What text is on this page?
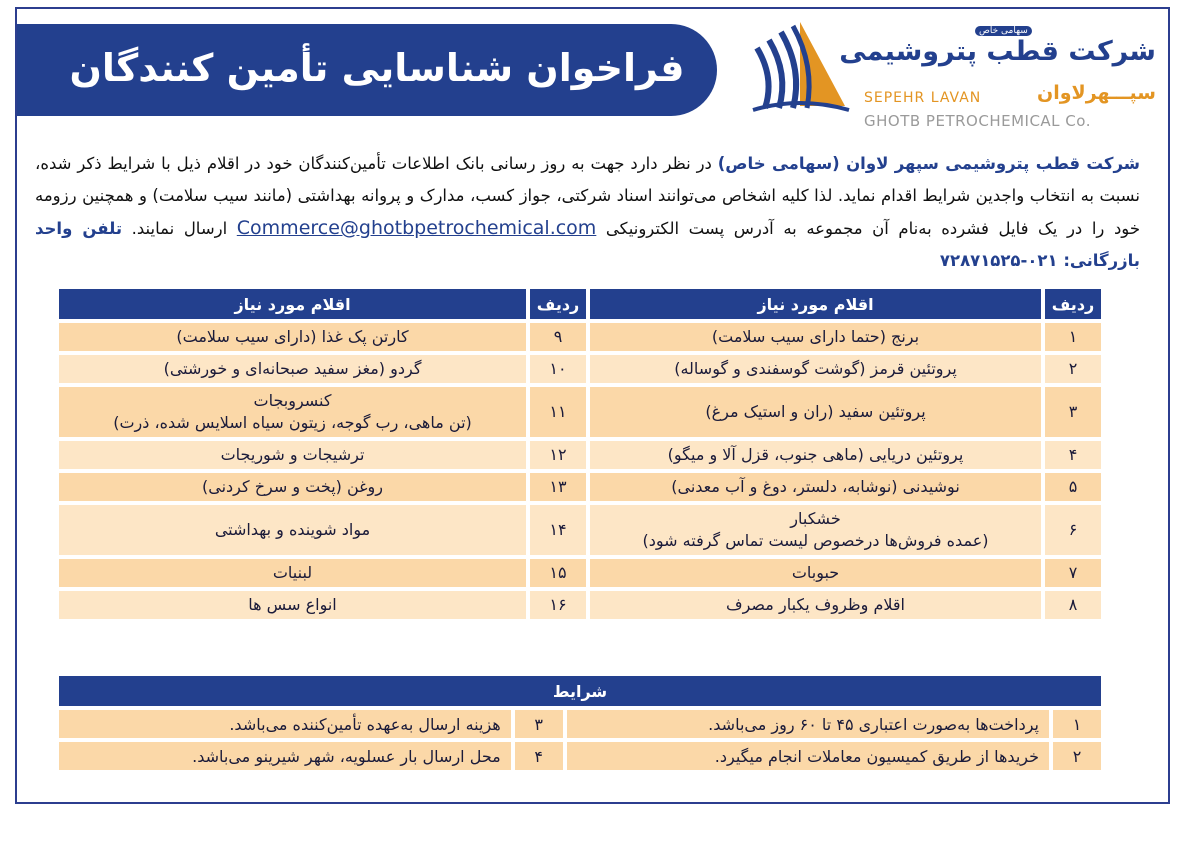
سهامی خاص
شرکت قطب پتروشیمی
SEPEHR LAVAN	سپـــهرلاوان
GHOTB PETROCHEMICAL Co.
فراخوان شناسایی تأمین کنندگان
شرکت قطب پتروشیمی سپهر لاوان (سهامی خاص) در نظر دارد جهت به روز رسانی بانک اطلاعات تأمین‌کنندگان خود در اقلام ذیل با شرایط ذکر شده، نسبت به انتخاب واجدین شرایط اقدام نماید. لذا کلیه اشخاص می‌توانند اسناد شرکتی، جواز کسب، مدارک و پروانه بهداشتی (مانند سیب سلامت) و همچنین رزومه خود را در یک فایل فشرده به‌نام آن مجموعه به آدرس پست الکترونیکی Commerce@ghotbpetrochemical.com ارسال نمایند. تلفن واحد بازرگانی: ۰۲۱-۷۲۸۷۱۵۲۵
ردیف	اقلام مورد نیاز	ردیف	اقلام مورد نیاز
۱	برنج (حتما دارای سیب سلامت)	۹	کارتن پک غذا (دارای سیب سلامت)
۲	پروتئین قرمز (گوشت گوسفندی و گوساله)	۱۰	گردو (مغز سفید صبحانه‌ای و خورشتی)
۳	پروتئین سفید (ران و استیک مرغ)	۱۱	کنسروبجات
(تن ماهی، رب گوجه، زیتون سیاه اسلایس شده، ذرت)

۴	پروتئین دریایی (ماهی جنوب، قزل آلا و میگو)	۱۲	ترشیجات و شوریجات
۵	نوشیدنی (نوشابه، دلستر، دوغ و آب معدنی)	۱۳	روغن (پخت و سرخ کردنی)
۶	خشکبار
(عمده فروش‌ها درخصوص لیست تماس گرفته شود)	۱۴	مواد شوینده و بهداشتی
۷	حبوبات	۱۵	لبنیات
۸	اقلام وظروف یکبار مصرف	۱۶	انواع سس ها
شرایط			
۱	پرداخت‌ها به‌صورت اعتباری ۴۵ تا ۶۰ روز می‌باشد.	۳	هزینه ارسال به‌عهده تأمین‌کننده می‌باشد.
۲	خریدها از طریق کمیسیون معاملات انجام میگیرد.	۴	محل ارسال بار عسلویه، شهر شیرینو می‌باشد.
